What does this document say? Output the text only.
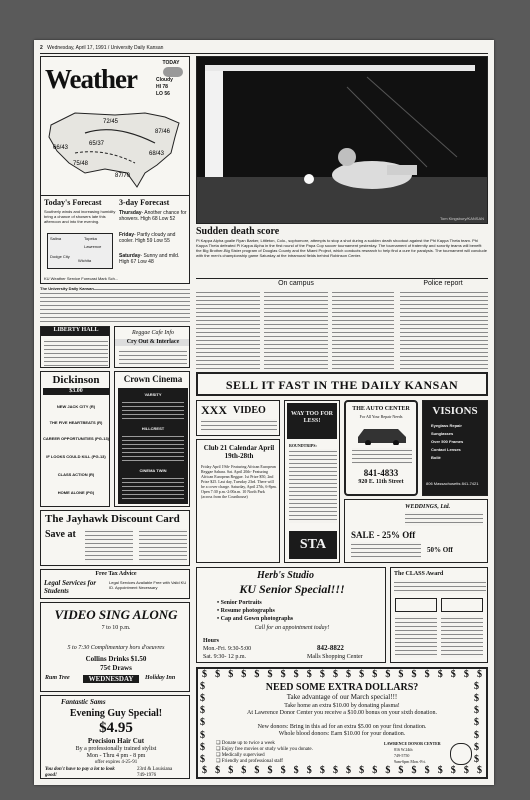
2 Wednesday, April 17, 1991 / University Daily Kansan
Weather
TODAY
Cloudy
HI 78
LO 56
72/45
87/46
66/43
65/37
68/43
75/48
87/70
Today's Forecast 3-day Forecast
Southerly winds and increasing humidity bring a chance of showers late this afternoon and into the evening.
Salina	Topeka
Lawrence
Dodge City
Wichita
Thursday- Another chance for showers. High 68 Low 52
Friday- Partly cloudy and cooler. High 59 Low 55
Saturday- Sunny and mild. High 67 Low 48
KU Weather Service Forecast Mark Sch...
The University Daily Kansan
Tom Kingsbury/KANSAN
Sudden death score
Pi Kappa Alpha goalie Ryan Barker, Littleton, Colo., sophomore, attempts to stop a shot during a sudden death shootout against the Phi Kappa Theta team. Phi Kappa Theta defeated Pi Kappa Alpha in the first round of the Papa Cop soccer tournament yesterday. The tournament of fraternity and sorority teams will benefit the Big Brother-Big Sister program of Douglas County and the Miami Project, which conducts research to help find a cure for paralysis. The tournament will conclude with the men's championship game Saturday at the intramural fields behind Robinson Center.
On campus	Police report
LIBERTY HALL	Reggae Cafe Info
Cry Out & Interlace
Dickinson
$3.00
NEW JACK CITY (R)
THE FIVE HEARTBEATS (R)
CAREER OPPORTUNITIES (PG-13)
IF LOOKS COULD KILL (PG-13)
CLASS ACTION (R)
HOME ALONE (PG)
Crown Cinema
VARSITY
HILLCREST
CINEMA TWIN
The Jayhawk Discount Card
Save at
Free Tax Advice
Legal Services for Students
Legal Services Available Free with Valid KU ID. Appointment Necessary
VIDEO SING ALONG
7 to 10 p.m.
5 to 7:30 Complimentary hors d'oeuvres
Collins Drinks $1.50
75¢ Draws
Rum Tree	WEDNESDAY	Holiday Inn
Fantastic Sams
Evening Guy Special!
$4.95
Precision Hair Cut
By a professionally trained stylist
Mon - Thru 4 pm - 8 pm
offer expires 4-25-91
You don't have to pay a lot to look good!
23rd & Louisiana
749-1976
SELL IT FAST IN THE DAILY KANSAN
XXX VIDEO
Club 21 Calendar April 19th-28th
Friday April 19th- Featuring African European Reggae Sahara. Sat. April 20th- Featuring African European Reggae. 1st Prize $50, 2nd Prize $25. Last day, Tuesday 23rd. There will be a cover charge. Saturday, April 27th, 6-8pm. Open 7:30 p.m.-2:00a.m. 10 North Park (across from the Courthouse)
WAY TOO FOR LESS!
ROUNDTRIPS:
STA
THE AUTO CENTER
For All Your Repair Needs
841-4833
920 E. 11th Street
VISIONS
Eyeglass Repair
Sunglasses
Over 500 Frames
Contact Lenses
Bollé
806 Massachusetts 841-7421
WEDDINGS, Ltd.
SALE - 25% Off
50% Off
Herb's Studio
KU Senior Special!!!
• Senior Portraits
• Resume photographs
• Cap and Gown photographs
Call for an appointment today!
Hours
Mon.-Fri. 9:30-5:00
Sat. 9:30- 12 p.m.
842-8822
Malls Shopping Center
The CLASS Award
$ $ $ $ $ $ $ $ $ $ $ $ $ $ $ $ $ $ $ $ $ $
$ $ $ $ $ $ $ $ $ $ $ $ $ $ $ $ $ $ $ $ $ $
$
$
$
$
$
$
$
$
$
$
$
$
$
$
NEED SOME EXTRA DOLLARS?
Take advantage of our March special!!!
Take home an extra $10.00 by donating plasma!
At Lawrence Donor Center you receive a $10.00 bonus on your sixth donation.
New donors: Bring in this ad for an extra $5.00 on your first donation.
Whole blood donors: Earn $10.00 for your donation.
❑ Donate up to twice a week
❑ Enjoy free movies or study while you donate.
❑ Medically supervised
❑ Friendly and professional staff
LAWRENCE DONOR CENTER
816 W.24th
749-5750
9am-6pm Mon.-Fri.
